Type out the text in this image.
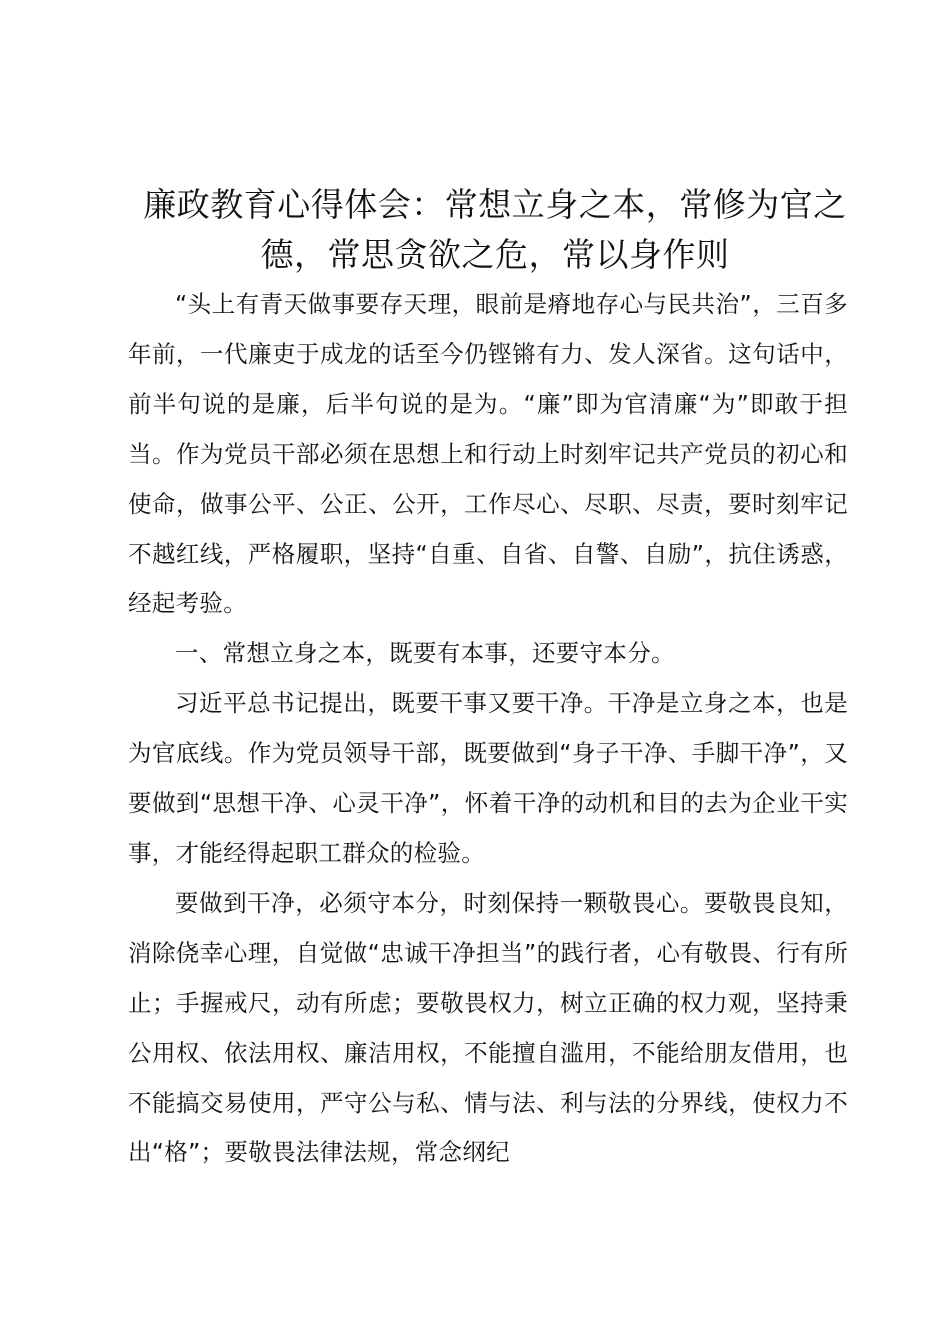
廉政教育心得体会：常想立身之本，常修为官之德，常思贪欲之危，常以身作则

“头上有青天做事要存天理，眼前是瘠地存心与民共治”，三百多年前，一代廉吏于成龙的话至今仍铿锵有力、发人深省。这句话中，前半句说的是廉，后半句说的是为。“廉”即为官清廉“为”即敢于担当。作为党员干部必须在思想上和行动上时刻牢记共产党员的初心和使命，做事公平、公正、公开，工作尽心、尽职、尽责，要时刻牢记不越红线，严格履职，坚持“自重、自省、自警、自励”，抗住诱惑，经起考验。

一、常想立身之本，既要有本事，还要守本分。

习近平总书记提出，既要干事又要干净。干净是立身之本，也是为官底线。作为党员领导干部，既要做到“身子干净、手脚干净”，又要做到“思想干净、心灵干净”，怀着干净的动机和目的去为企业干实事，才能经得起职工群众的检验。

要做到干净，必须守本分，时刻保持一颗敬畏心。要敬畏良知，消除侥幸心理，自觉做“忠诚干净担当”的践行者，心有敬畏、行有所止；手握戒尺，动有所虑；要敬畏权力，树立正确的权力观，坚持秉公用权、依法用权、廉洁用权，不能擅自滥用，不能给朋友借用，也不能搞交易使用，严守公与私、情与法、利与法的分界线，使权力不出“格”；要敬畏法律法规，常念纲纪
